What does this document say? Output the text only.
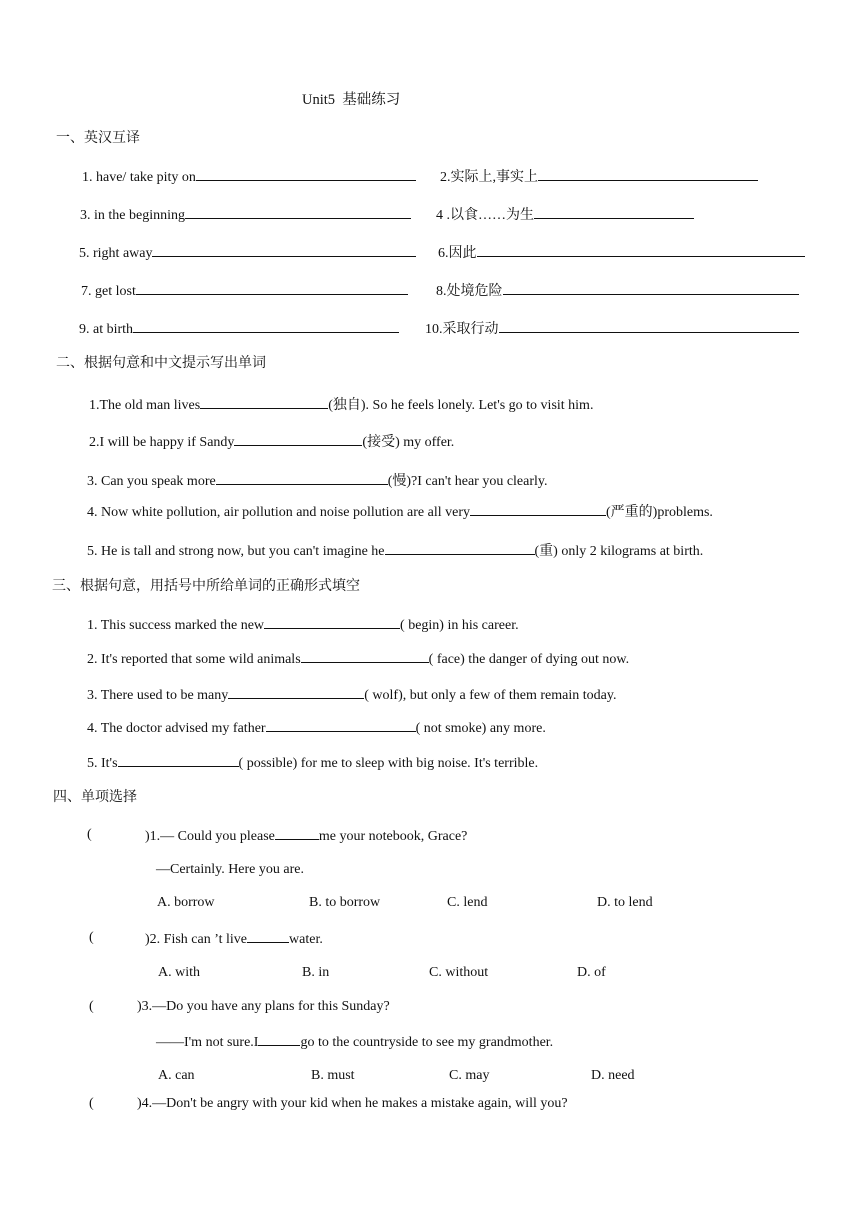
Unit5  基础练习
一、英汉互译
1. have/ take pity on	2.实际上,事实上
3. in the beginning	4 .以食……为生
5. right away	6.因此
7. get lost	8.处境危险
9. at birth	10.采取行动
二、根据句意和中文提示写出单词
1.The old man lives	(独自). So he feels lonely. Let's go to visit him.
2.I will be happy if Sandy	(接受) my offer.
3. Can you speak more	(慢)?I can't hear you clearly.
4. Now white pollution, air pollution and noise pollution are all very	(严重的)problems.
5. He is tall and strong now, but you can't imagine he	(重) only 2 kilograms at birth.
三、根据句意，用括号中所给单词的正确形式填空
1. This success marked the new	( begin) in his career.
2. It's reported that some wild animals	( face) the danger of dying out now.
3. There used to be many	( wolf), but only a few of them remain today.
4. The doctor advised my father	( not smoke) any more.
5. It's	( possible) for me to sleep with big noise. It's terrible.
四、单项选择
(	)1.— Could you please	me your notebook, Grace?
—Certainly. Here you are.
A. borrow	B. to borrow	C. lend	D. to lend
(	)2. Fish can ’t live	water.
A. with	B. in	C. without	D. of
(	)3.—Do you have any plans for this Sunday?
——I'm not sure.I	go to the countryside to see my grandmother.
A. can	B. must	C. may	D. need
(	)4.—Don't be angry with your kid when he makes a mistake again, will you?
